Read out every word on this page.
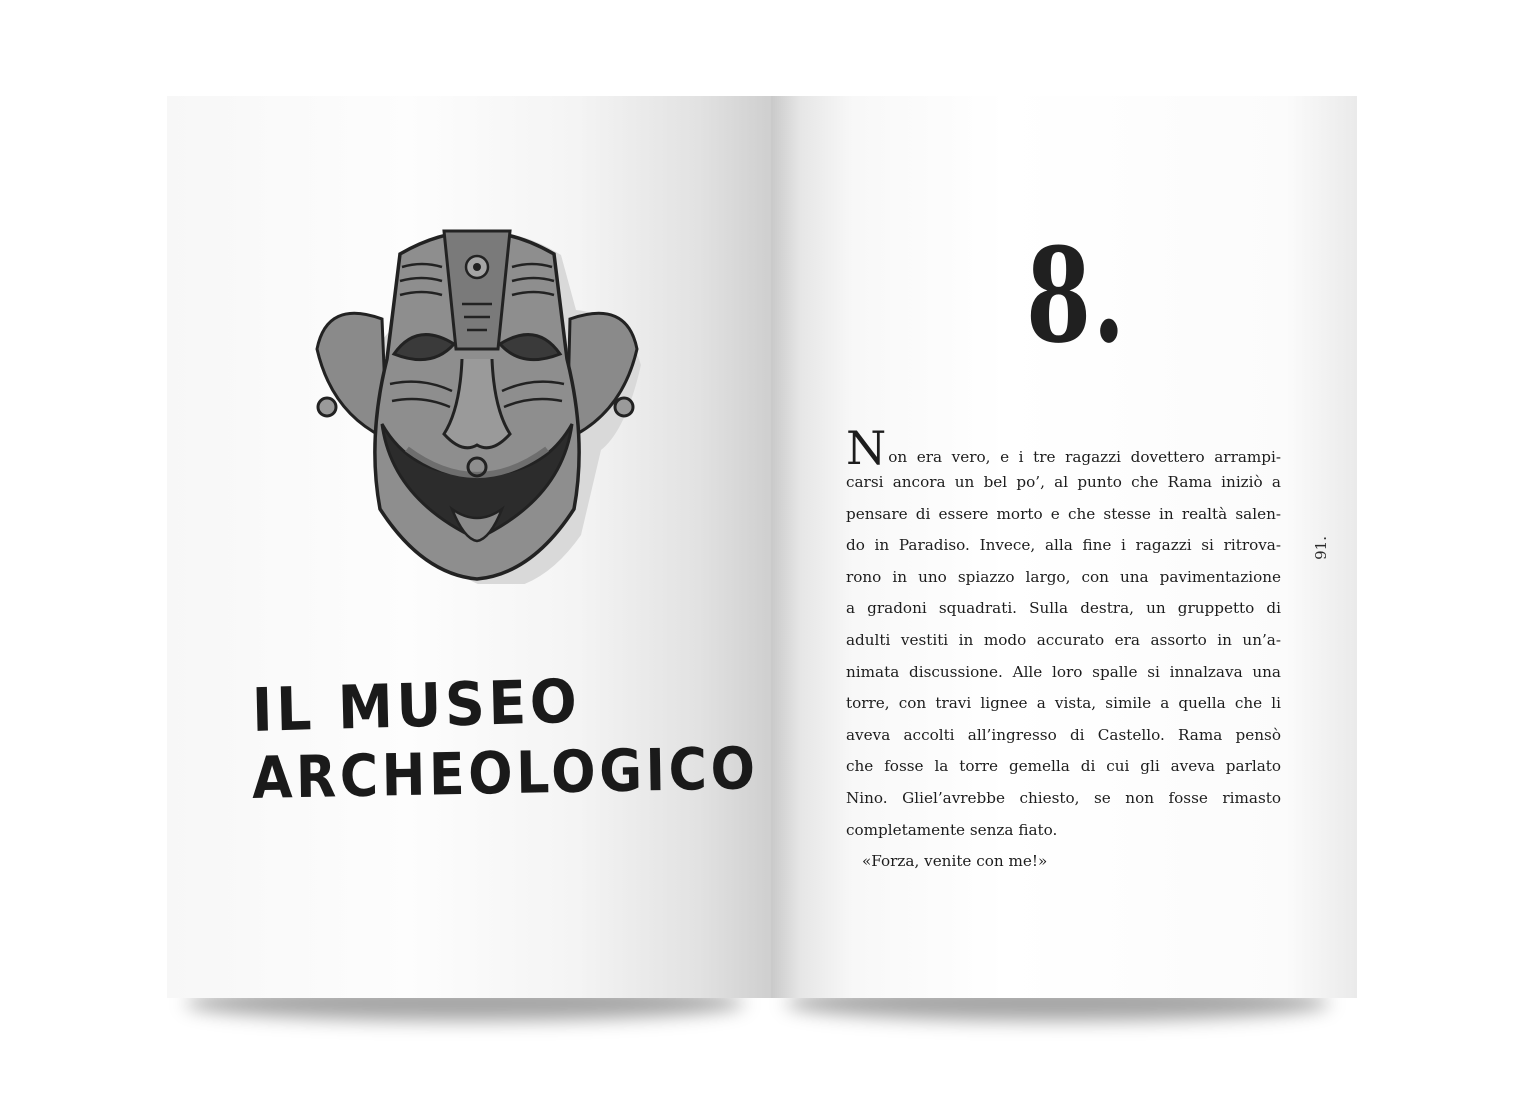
IL MUSEO
ARCHEOLOGICO
8.
Non era vero, e i tre ragazzi dovettero arrampi-
carsi ancora un bel po’, al punto che Rama iniziò a
pensare di essere morto e che stesse in realtà salen-
do in Paradiso. Invece, alla fine i ragazzi si ritrova-
rono in uno spiazzo largo, con una pavimentazione
a gradoni squadrati. Sulla destra, un gruppetto di
adulti vestiti in modo accurato era assorto in un’a-
nimata discussione. Alle loro spalle si innalzava una
torre, con travi lignee a vista, simile a quella che li
aveva accolti all’ingresso di Castello. Rama pensò
che fosse la torre gemella di cui gli aveva parlato
Nino. Gliel’avrebbe chiesto, se non fosse rimasto
completamente senza fiato.
«Forza, venite con me!»
91.
